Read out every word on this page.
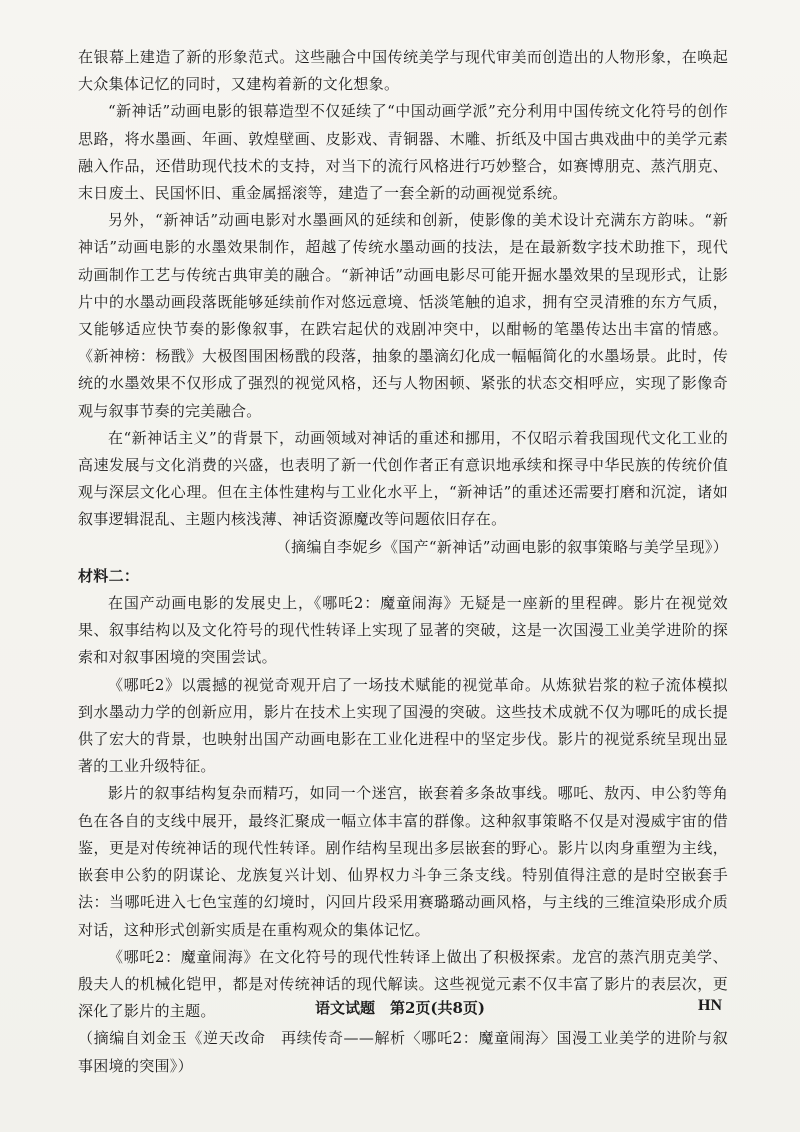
在银幕上建造了新的形象范式。这些融合中国传统美学与现代审美而创造出的人物形象，在唤起大众集体记忆的同时，又建构着新的文化想象。

“新神话”动画电影的银幕造型不仅延续了“中国动画学派”充分利用中国传统文化符号的创作思路，将水墨画、年画、敦煌壁画、皮影戏、青铜器、木雕、折纸及中国古典戏曲中的美学元素融入作品，还借助现代技术的支持，对当下的流行风格进行巧妙整合，如赛博朋克、蒸汽朋克、末日废土、民国怀旧、重金属摇滚等，建造了一套全新的动画视觉系统。

另外，“新神话”动画电影对水墨画风的延续和创新，使影像的美术设计充满东方韵味。“新神话”动画电影的水墨效果制作，超越了传统水墨动画的技法，是在最新数字技术助推下，现代动画制作工艺与传统古典审美的融合。“新神话”动画电影尽可能开掘水墨效果的呈现形式，让影片中的水墨动画段落既能够延续前作对悠远意境、恬淡笔触的追求，拥有空灵清雅的东方气质，又能够适应快节奏的影像叙事，在跌宕起伏的戏剧冲突中，以酣畅的笔墨传达出丰富的情感。《新神榜：杨戬》大极图围困杨戬的段落，抽象的墨滴幻化成一幅幅简化的水墨场景。此时，传统的水墨效果不仅形成了强烈的视觉风格，还与人物困顿、紧张的状态交相呼应，实现了影像奇观与叙事节奏的完美融合。

在“新神话主义”的背景下，动画领域对神话的重述和挪用，不仅昭示着我国现代文化工业的高速发展与文化消费的兴盛，也表明了新一代创作者正有意识地承续和探寻中华民族的传统价值观与深层文化心理。但在主体性建构与工业化水平上，“新神话”的重述还需要打磨和沉淀，诸如叙事逻辑混乱、主题内核浅薄、神话资源魔改等问题依旧存在。

（摘编自李妮乡《国产“新神话”动画电影的叙事策略与美学呈现》）

材料二：

在国产动画电影的发展史上，《哪吒2：魔童闹海》无疑是一座新的里程碑。影片在视觉效果、叙事结构以及文化符号的现代性转译上实现了显著的突破，这是一次国漫工业美学进阶的探索和对叙事困境的突围尝试。

《哪吒2》以震撼的视觉奇观开启了一场技术赋能的视觉革命。从炼狱岩浆的粒子流体模拟到水墨动力学的创新应用，影片在技术上实现了国漫的突破。这些技术成就不仅为哪吒的成长提供了宏大的背景，也映射出国产动画电影在工业化进程中的坚定步伐。影片的视觉系统呈现出显著的工业升级特征。

影片的叙事结构复杂而精巧，如同一个迷宫，嵌套着多条故事线。哪吒、敖丙、申公豹等角色在各自的支线中展开，最终汇聚成一幅立体丰富的群像。这种叙事策略不仅是对漫威宇宙的借鉴，更是对传统神话的现代性转译。剧作结构呈现出多层嵌套的野心。影片以肉身重塑为主线，嵌套申公豹的阴谋论、龙族复兴计划、仙界权力斗争三条支线。特别值得注意的是时空嵌套手法：当哪吒进入七色宝莲的幻境时，闪回片段采用赛璐璐动画风格，与主线的三维渲染形成介质对话，这种形式创新实质是在重构观众的集体记忆。

《哪吒2：魔童闹海》在文化符号的现代性转译上做出了积极探索。龙宫的蒸汽朋克美学、殷夫人的机械化铠甲，都是对传统神话的现代解读。这些视觉元素不仅丰富了影片的表层次，更深化了影片的主题。

（摘编自刘金玉《逆天改命　再续传奇——解析〈哪吒2：魔童闹海〉国漫工业美学的进阶与叙事困境的突围》）

语文试题　第2页(共8页)	HN
